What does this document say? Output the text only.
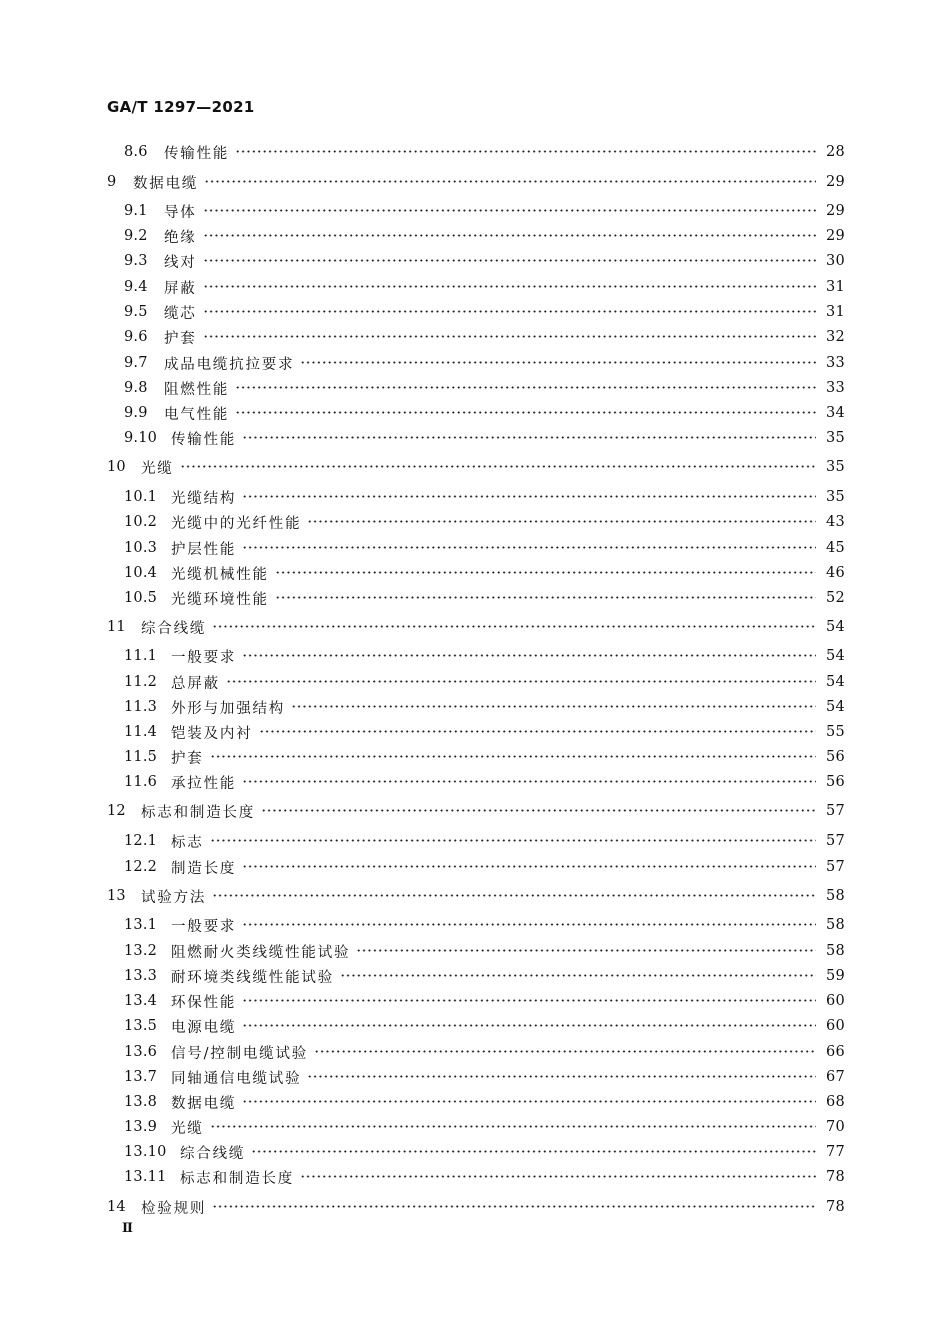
GA/T 1297—2021
8.6	传输性能	28
9	数据电缆	29
9.1	导体	29
9.2	绝缘	29
9.3	线对	30
9.4	屏蔽	31
9.5	缆芯	31
9.6	护套	32
9.7	成品电缆抗拉要求	33
9.8	阻燃性能	33
9.9	电气性能	34
9.10 传输性能	35
10	光缆	35
10.1 光缆结构	35
10.2 光缆中的光纤性能	43
10.3 护层性能	45
10.4 光缆机械性能	46
10.5 光缆环境性能	52
11	综合线缆	54
11.1 一般要求	54
11.2 总屏蔽	54
11.3 外形与加强结构	54
11.4 铠装及内衬	55
11.5 护套	56
11.6 承拉性能	56
12	标志和制造长度	57
12.1 标志	57
12.2 制造长度	57
13	试验方法	58
13.1 一般要求	58
13.2 阻燃耐火类线缆性能试验	58
13.3 耐环境类线缆性能试验	59
13.4 环保性能	60
13.5 电源电缆	60
13.6 信号/控制电缆试验	66
13.7 同轴通信电缆试验	67
13.8 数据电缆	68
13.9 光缆	70
13.10 综合线缆	77
13.11 标志和制造长度	78
14	检验规则	78
Ⅱ
